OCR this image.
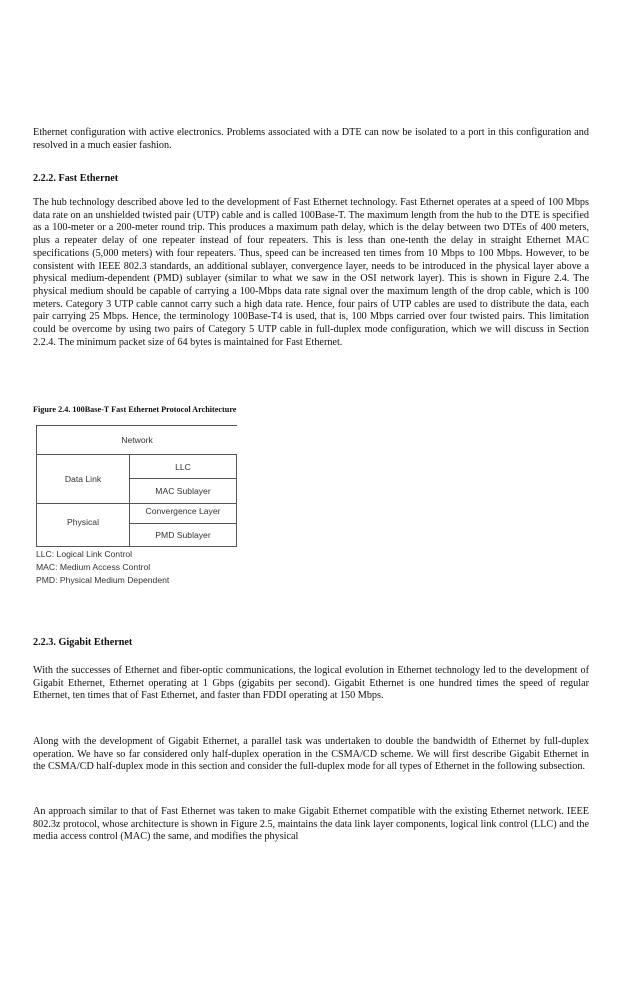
Ethernet configuration with active electronics. Problems associated with a DTE can now be isolated to a port in this configuration and resolved in a much easier fashion.

2.2.2. Fast Ethernet

The hub technology described above led to the development of Fast Ethernet technology. Fast Ethernet operates at a speed of 100 Mbps data rate on an unshielded twisted pair (UTP) cable and is called 100Base-T. The maximum length from the hub to the DTE is specified as a 100-meter or a 200-meter round trip. This produces a maximum path delay, which is the delay between two DTEs of 400 meters, plus a repeater delay of one repeater instead of four repeaters. This is less than one-tenth the delay in straight Ethernet MAC specifications (5,000 meters) with four repeaters. Thus, speed can be increased ten times from 10 Mbps to 100 Mbps. However, to be consistent with IEEE 802.3 standards, an additional sublayer, convergence layer, needs to be introduced in the physical layer above a physical medium-dependent (PMD) sublayer (similar to what we saw in the OSI network layer). This is shown in Figure 2.4. The physical medium should be capable of carrying a 100-Mbps data rate signal over the maximum length of the drop cable, which is 100 meters. Category 3 UTP cable cannot carry such a high data rate. Hence, four pairs of UTP cables are used to distribute the data, each pair carrying 25 Mbps. Hence, the terminology 100Base-T4 is used, that is, 100 Mbps carried over four twisted pairs. This limitation could be overcome by using two pairs of Category 5 UTP cable in full-duplex mode configuration, which we will discuss in Section 2.2.4. The minimum packet size of 64 bytes is maintained for Fast Ethernet.

Figure 2.4. 100Base-T Fast Ethernet Protocol Architecture

Network
Data Link
LLC
MAC Sublayer
Physical
Convergence Layer
PMD Sublayer

LLC: Logical Link Control

MAC: Medium Access Control

PMD: Physical Medium Dependent

2.2.3. Gigabit Ethernet

With the successes of Ethernet and fiber-optic communications, the logical evolution in Ethernet technology led to the development of Gigabit Ethernet, Ethernet operating at 1 Gbps (gigabits per second). Gigabit Ethernet is one hundred times the speed of regular Ethernet, ten times that of Fast Ethernet, and faster than FDDI operating at 150 Mbps.

Along with the development of Gigabit Ethernet, a parallel task was undertaken to double the bandwidth of Ethernet by full-duplex operation. We have so far considered only half-duplex operation in the CSMA/CD scheme. We will first describe Gigabit Ethernet in the CSMA/CD half-duplex mode in this section and consider the full-duplex mode for all types of Ethernet in the following subsection.

An approach similar to that of Fast Ethernet was taken to make Gigabit Ethernet compatible with the existing Ethernet network. IEEE 802.3z protocol, whose architecture is shown in Figure 2.5, maintains the data link layer components, logical link control (LLC) and the media access control (MAC) the same, and modifies the physical
